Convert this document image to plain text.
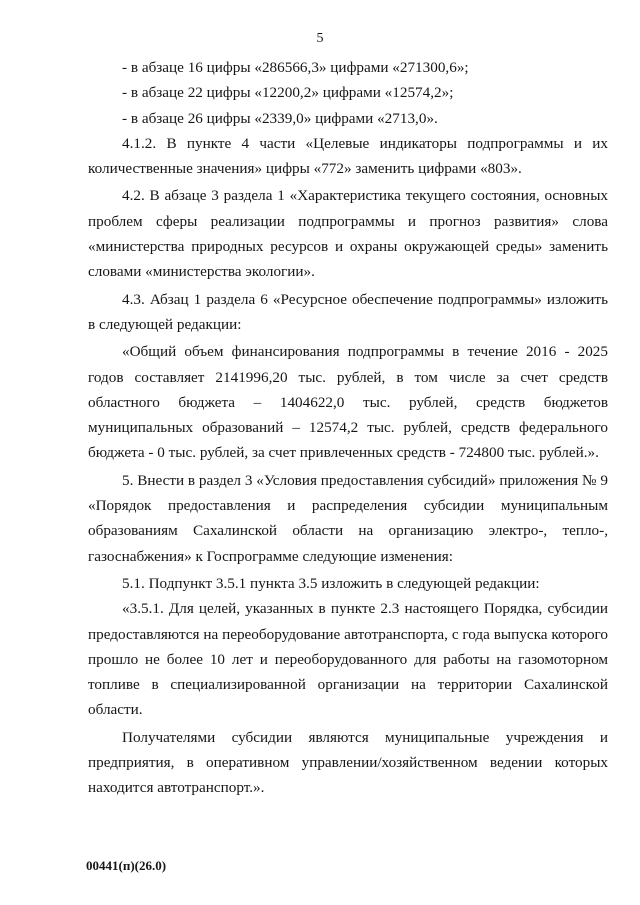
5

- в абзаце 16 цифры «286566,3» цифрами «271300,6»;

- в абзаце 22 цифры «12200,2» цифрами «12574,2»;

- в абзаце 26 цифры «2339,0» цифрами «2713,0».

4.1.2. В пункте 4 части «Целевые индикаторы подпрограммы и их количественные значения» цифры «772» заменить цифрами «803».

4.2. В абзаце 3 раздела 1 «Характеристика текущего состояния, основных проблем сферы реализации подпрограммы и прогноз развития» слова «министерства природных ресурсов и охраны окружающей среды» заменить словами «министерства экологии».

4.3. Абзац 1 раздела 6 «Ресурсное обеспечение подпрограммы» изложить в следующей редакции:

«Общий объем финансирования подпрограммы в течение 2016 - 2025 годов составляет 2141996,20 тыс. рублей, в том числе за счет средств областного бюджета – 1404622,0 тыс. рублей, средств бюджетов муниципальных образований – 12574,2 тыс. рублей, средств федерального бюджета - 0 тыс. рублей, за счет привлеченных средств - 724800 тыс. рублей.».

5. Внести в раздел 3 «Условия предоставления субсидий» приложения № 9 «Порядок предоставления и распределения субсидии муниципальным образованиям Сахалинской области на организацию электро-, тепло-, газоснабжения» к Госпрограмме следующие изменения:

5.1. Подпункт 3.5.1 пункта 3.5 изложить в следующей редакции:

«3.5.1. Для целей, указанных в пункте 2.3 настоящего Порядка, субсидии предоставляются на переоборудование автотранспорта, с года выпуска которого прошло не более 10 лет и переоборудованного для работы на газомоторном топливе в специализированной организации на территории Сахалинской области.

Получателями субсидии являются муниципальные учреждения и предприятия, в оперативном управлении/хозяйственном ведении которых находится автотранспорт.».

00441(п)(26.0)
